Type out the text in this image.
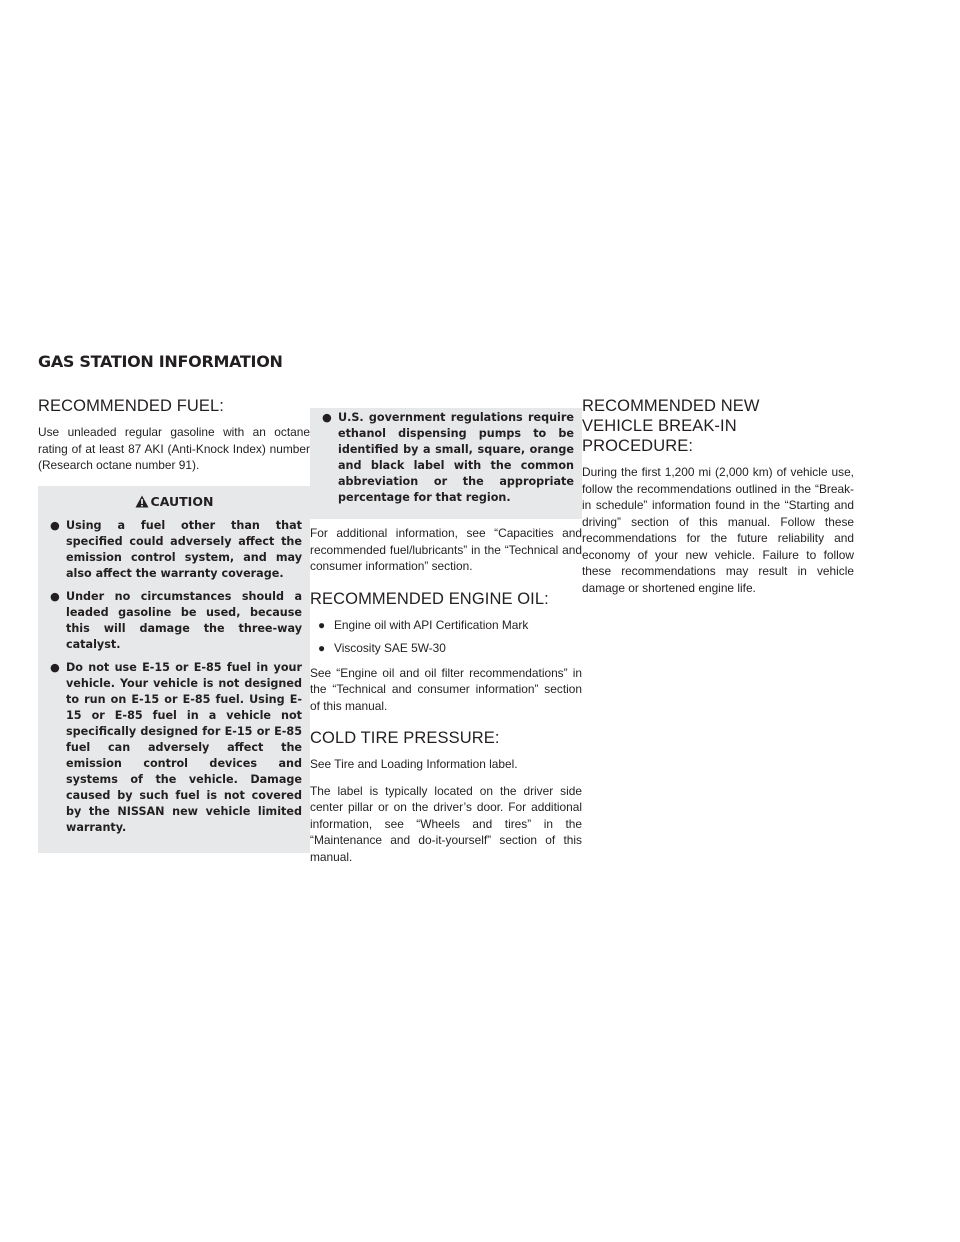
GAS STATION INFORMATION
RECOMMENDED FUEL:

Use unleaded regular gasoline with an octane rating of at least 87 AKI (Anti-Knock Index) number (Research octane number 91).

CAUTION
● Using a fuel other than that specified could adversely affect the emission control system, and may also affect the warranty coverage.
● Under no circumstances should a leaded gasoline be used, because this will damage the three-way catalyst.
● Do not use E-15 or E-85 fuel in your vehicle. Your vehicle is not designed to run on E-15 or E-85 fuel. Using E-15 or E-85 fuel in a vehicle not specifically designed for E-15 or E-85 fuel can adversely affect the emission control devices and systems of the vehicle. Damage caused by such fuel is not covered by the NISSAN new vehicle limited warranty.
● U.S. government regulations require ethanol dispensing pumps to be identified by a small, square, orange and black label with the common abbreviation or the appropriate percentage for that region.

For additional information, see “Capacities and recommended fuel/lubricants” in the “Technical and consumer information” section.

RECOMMENDED ENGINE OIL:
● Engine oil with API Certification Mark
● Viscosity SAE 5W-30

See “Engine oil and oil filter recommendations” in the “Technical and consumer information” section of this manual.

COLD TIRE PRESSURE:

See Tire and Loading Information label.

The label is typically located on the driver side center pillar or on the driver’s door. For additional information, see “Wheels and tires” in the “Maintenance and do-it-yourself” section of this manual.

RECOMMENDED NEW VEHICLE BREAK-IN PROCEDURE:

During the first 1,200 mi (2,000 km) of vehicle use, follow the recommendations outlined in the “Break-in schedule” information found in the “Starting and driving” section of this manual. Follow these recommendations for the future reliability and economy of your new vehicle. Failure to follow these recommendations may result in vehicle damage or shortened engine life.
